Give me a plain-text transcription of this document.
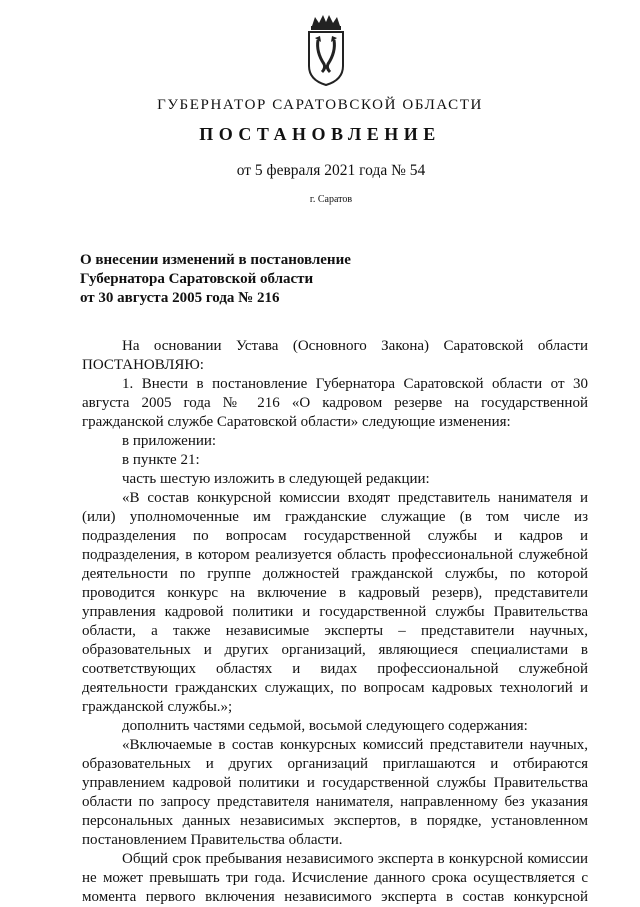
ГУБЕРНАТОР САРАТОВСКОЙ ОБЛАСТИ
ПОСТАНОВЛЕНИЕ
от 5 февраля 2021 года № 54
г. Саратов
О внесении изменений в постановление
Губернатора Саратовской области
от 30 августа 2005 года № 216

На основании Устава (Основного Закона) Саратовской области ПОСТАНОВЛЯЮ:

1. Внести в постановление Губернатора Саратовской области от 30 августа 2005 года № 216 «О кадровом резерве на государственной гражданской службе Саратовской области» следующие изменения:

в приложении:

в пункте 21:

часть шестую изложить в следующей редакции:

«В состав конкурсной комиссии входят представитель нанимателя и (или) уполномоченные им гражданские служащие (в том числе из подразделения по вопросам государственной службы и кадров и подразделения, в котором реализуется область профессиональной служебной деятельности по группе должностей гражданской службы, по которой проводится конкурс на включение в кадровый резерв), представители управления кадровой политики и государственной службы Правительства области, а также независимые эксперты – представители научных, образовательных и других организаций, являющиеся специалистами в соответствующих областях и видах профессиональной служебной деятельности гражданских служащих, по вопросам кадровых технологий и гражданской службы.»;

дополнить частями седьмой, восьмой следующего содержания:

«Включаемые в состав конкурсных комиссий представители научных, образовательных и других организаций приглашаются и отбираются управлением кадровой политики и государственной службы Правительства области по запросу представителя нанимателя, направленному без указания персональных данных независимых экспертов, в порядке, установленном постановлением Правительства области.

Общий срок пребывания независимого эксперта в конкурсной комиссии не может превышать три года. Исчисление данного срока осуществляется с момента первого включения независимого эксперта в состав конкурсной
